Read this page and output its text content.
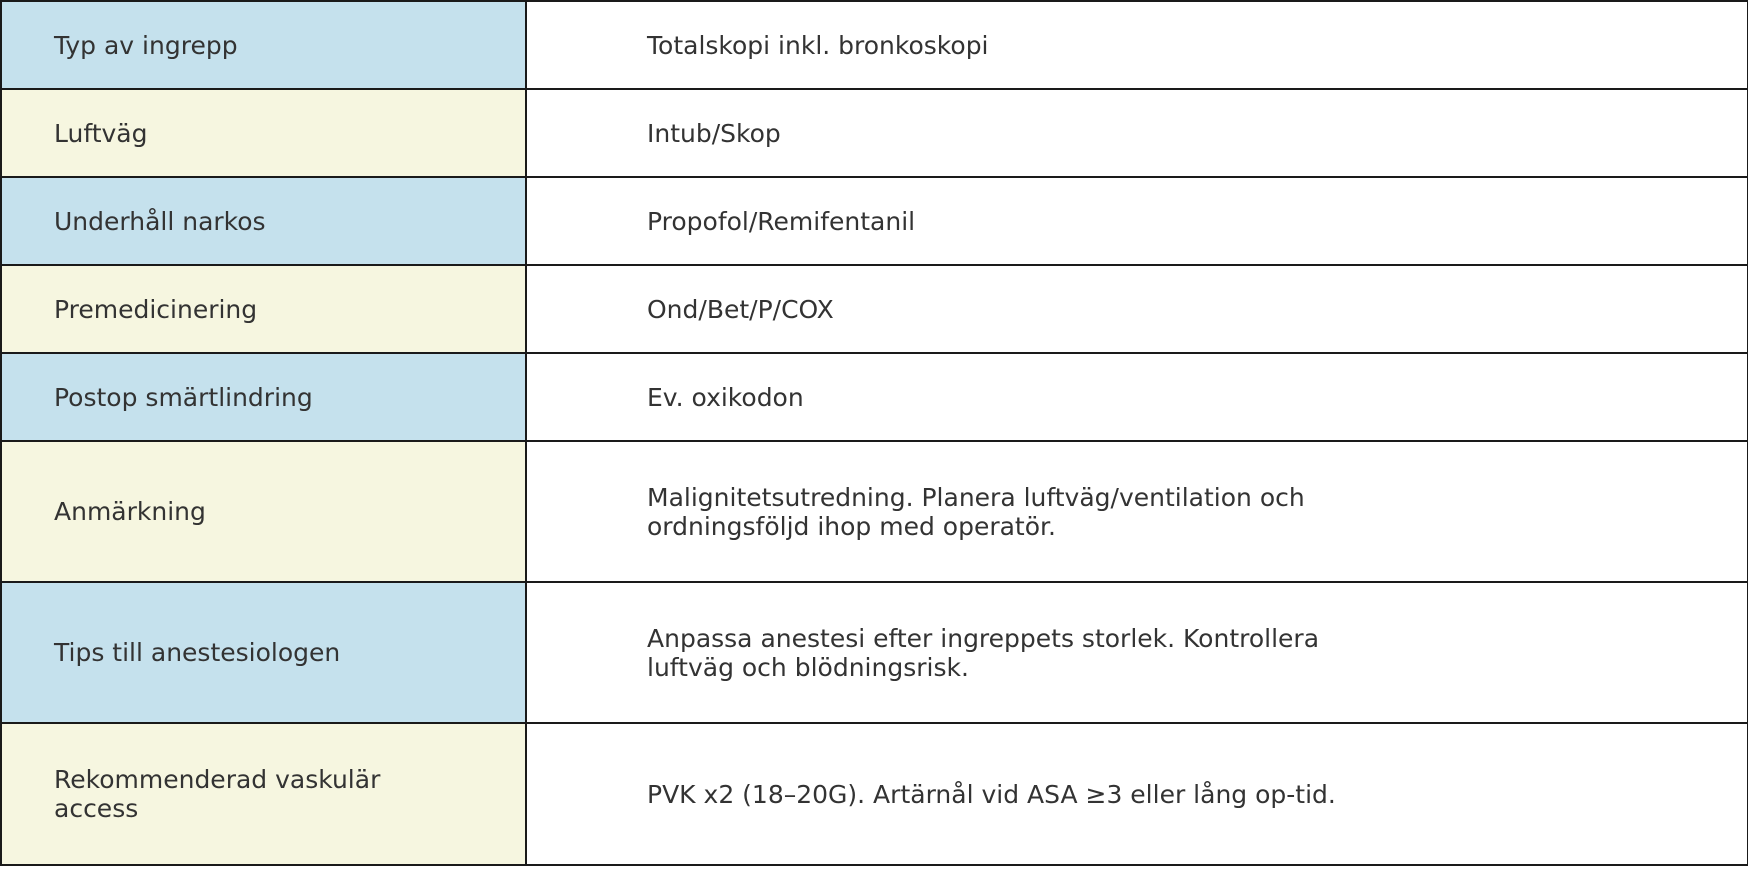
Typ av ingrepp	Totalskopi inkl. bronkoskopi

Luftväg	Intub/Skop

Underhåll narkos	Propofol/Remifentanil

Premedicinering	Ond/Bet/P/COX

Postop smärtlindring	Ev. oxikodon

Anmärkning	Malignitetsutredning. Planera luftväg/ventilation och ordningsföljd ihop med operatör.

Tips till anestesiologen	Anpassa anestesi efter ingreppets storlek. Kontrollera luftväg och blödningsrisk.

Rekommenderad vaskulär access	PVK x2 (18–20G). Artärnål vid ASA ≥3 eller lång op-tid.
